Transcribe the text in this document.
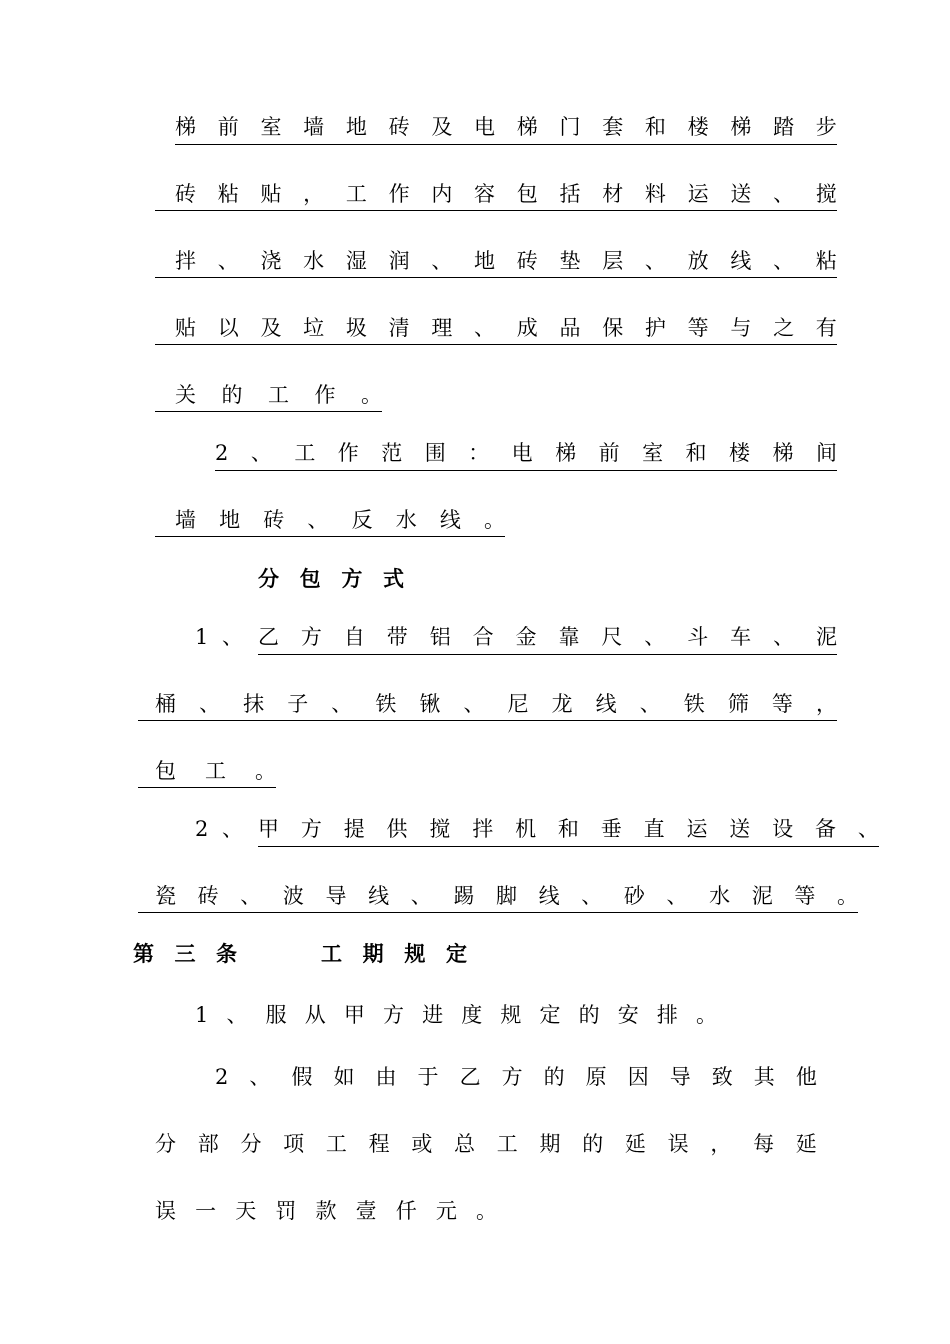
梯 前 室 墙 地 砖 及 电 梯 门 套 和 楼 梯 踏 步
砖 粘 贴 ， 工 作 内 容 包 括 材 料 运 送 、 搅
拌 、 浇 水 湿 润 、 地 砖 垫 层 、 放 线 、 粘
贴 以 及 垃 圾 清 理 、 成 品 保 护 等 与 之 有
关 的 工 作 。
2 、 工 作 范 围 ： 电 梯 前 室 和 楼 梯 间
墙 地 砖 、 反 水 线 。
分 包 方 式
1 、 乙 方 自 带 铝 合 金 靠 尺 、 斗 车 、 泥
桶 、 抹 子 、 铁 锹 、 尼 龙 线 、 铁 筛 等 ，
包 工 。
2 、 甲 方 提 供 搅 拌 机 和 垂 直 运 送 设 备 、
瓷 砖 、 波 导 线 、 踢 脚 线 、 砂 、 水 泥 等 。
第 三 条	工 期 规 定
1 、 服 从 甲 方 进 度 规 定 的 安 排 。
2 、 假 如 由 于 乙 方 的 原 因 导 致 其 他
分 部 分 项 工 程 或 总 工 期 的 延 误 ， 每 延
误 一 天 罚 款 壹 仟 元 。
